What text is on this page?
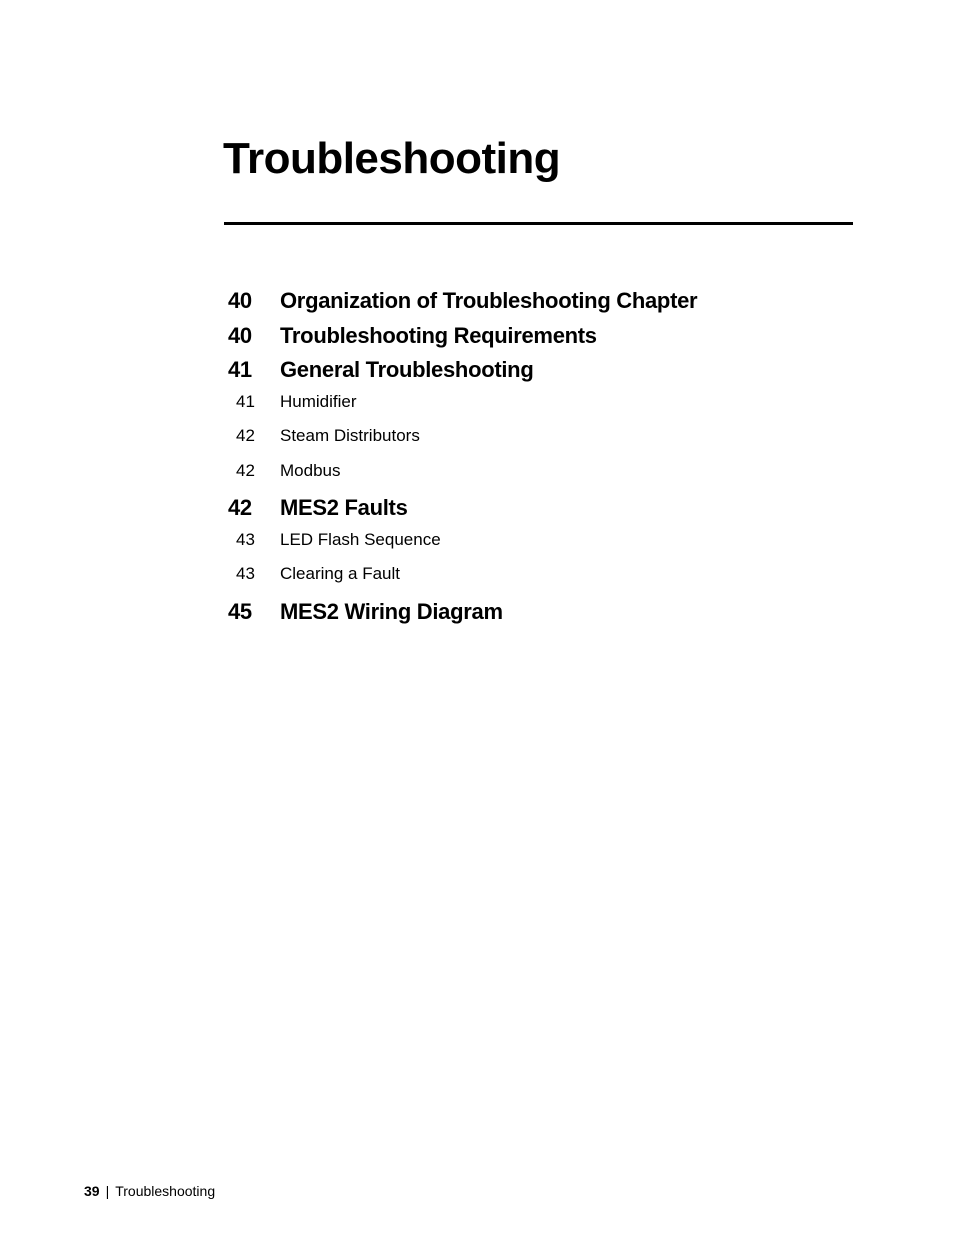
Troubleshooting
40	Organization of Troubleshooting Chapter
40	Troubleshooting Requirements
41	General Troubleshooting
41	Humidifier
42	Steam Distributors
42	Modbus
42	MES2 Faults
43	LED Flash Sequence
43	Clearing a Fault
45	MES2 Wiring Diagram
39 | Troubleshooting
